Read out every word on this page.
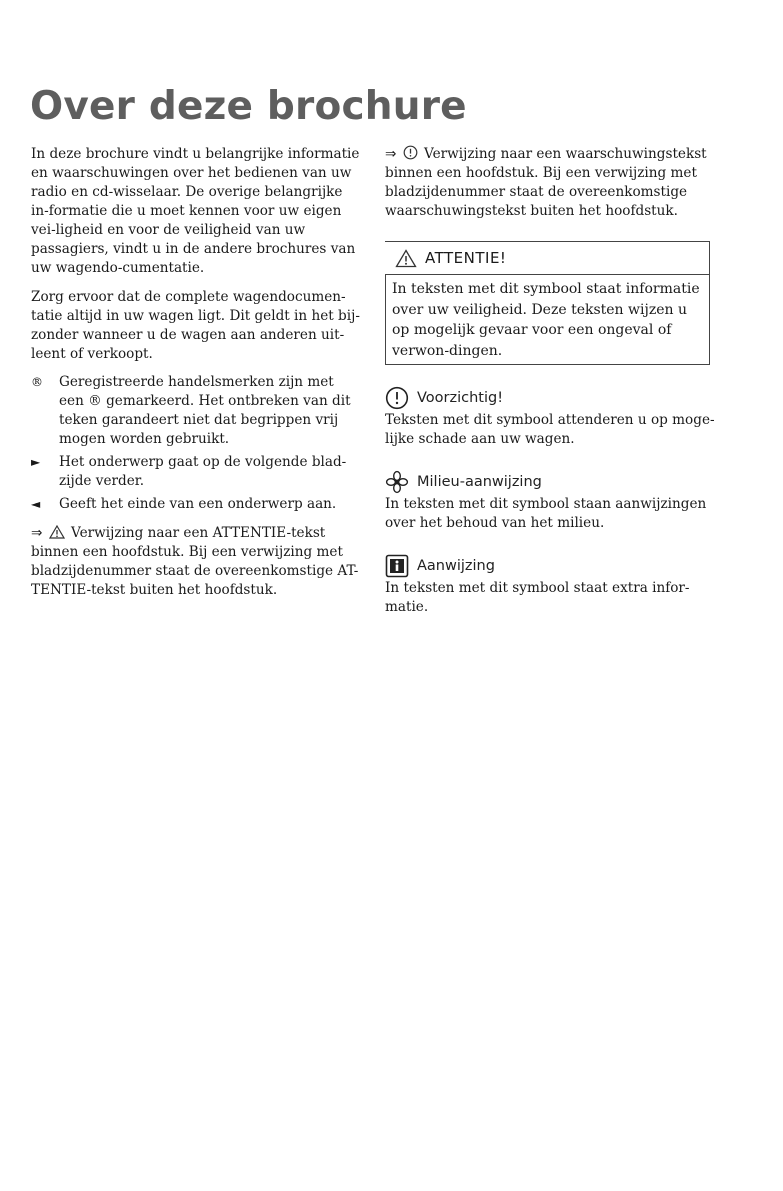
Over deze brochure

In deze brochure vindt u belangrijke informatie en waarschuwingen over het bedienen van uw radio en cd-wisselaar. De overige belangrijke in-formatie die u moet kennen voor uw eigen vei-ligheid en voor de veiligheid van uw passagiers, vindt u in de andere brochures van uw wagendo-cumentatie.

Zorg ervoor dat de complete wagendocumen-tatie altijd in uw wagen ligt. Dit geldt in het bij-zonder wanneer u de wagen aan anderen uit-leent of verkoopt.

®	Geregistreerde handelsmerken zijn met een ® gemarkeerd. Het ontbreken van dit teken garandeert niet dat begrippen vrij mogen worden gebruikt.
►	Het onderwerp gaat op de volgende blad-zijde verder.
◄	Geeft het einde van een onderwerp aan.

⇒ Verwijzing naar een ATTENTIE-tekst binnen een hoofdstuk. Bij een verwijzing met bladzijdenummer staat de overeenkomstige AT-TENTIE-tekst buiten het hoofdstuk.

⇒ Verwijzing naar een waarschuwingstekst binnen een hoofdstuk. Bij een verwijzing met bladzijdenummer staat de overeenkomstige waarschuwingstekst buiten het hoofdstuk.

ATTENTIE!
In teksten met dit symbool staat informatie over uw veiligheid. Deze teksten wijzen u op mogelijk gevaar voor een ongeval of verwon-dingen.
Voorzichtig!

Teksten met dit symbool attenderen u op moge-lijke schade aan uw wagen.

Milieu-aanwijzing

In teksten met dit symbool staan aanwijzingen over het behoud van het milieu.

Aanwijzing

In teksten met dit symbool staat extra infor-matie.
